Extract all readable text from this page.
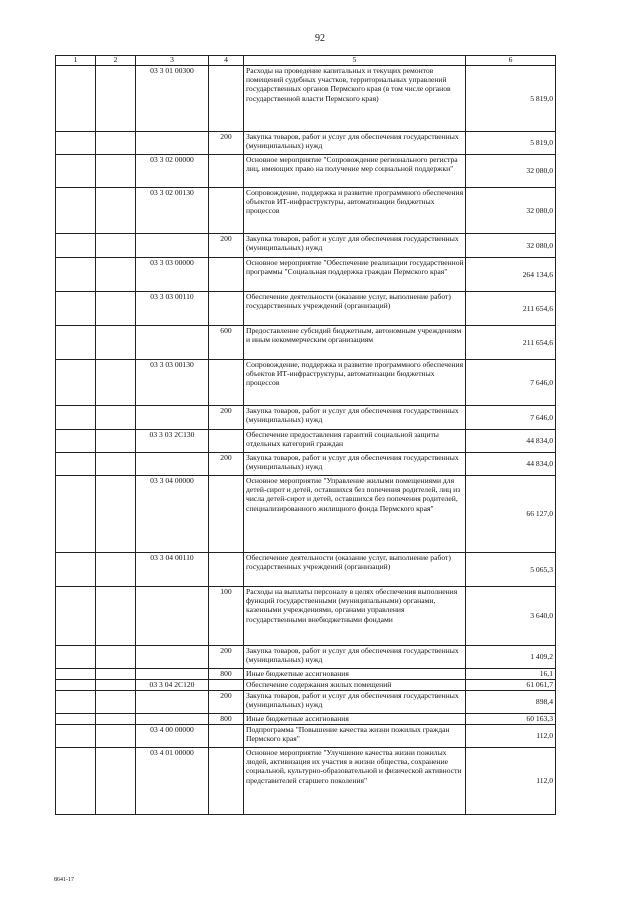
92
1	2	3	4	5	6
		03 3 01 00300		Расходы на проведение капитальных и текущих ремонтов помещений судебных участков, территориальных управлений государственных органов Пермского края (в том числе органов государственной власти Пермского края)	5 819,0
			200	Закупка товаров, работ и услуг для обеспечения государственных (муниципальных) нужд	5 819,0
		03 3 02 00000		Основное мероприятие "Сопровождение регионального регистра лиц, имеющих право на получение мер социальной поддержки"	32 080,0
		03 3 02 00130		Сопровождение, поддержка и развитие программного обеспечения объектов ИТ-инфраструктуры, автоматизации бюджетных процессов	32 080,0
			200	Закупка товаров, работ и услуг для обеспечения государственных (муниципальных) нужд	32 080,0
		03 3 03 00000		Основное мероприятие "Обеспечение реализации государственной программы "Социальная поддержка граждан Пермского края"	264 134,6
		03 3 03 00110		Обеспечение деятельности (оказание услуг, выполнение работ) государственных учреждений (организаций)	211 654,6
			600	Предоставление субсидий бюджетным, автономным учреждениям и иным некоммерческим организациям	211 654,6
		03 3 03 00130		Сопровождение, поддержка и развитие программного обеспечения объектов ИТ-инфраструктуры, автоматизации бюджетных процессов	7 646,0
			200	Закупка товаров, работ и услуг для обеспечения государственных (муниципальных) нужд	7 646,0
		03 3 03 2С130		Обеспечение предоставления гарантий социальной защиты отдельных категорий граждан	44 834,0
			200	Закупка товаров, работ и услуг для обеспечения государственных (муниципальных) нужд	44 834,0
		03 3 04 00000		Основное мероприятие "Управление жилыми помещениями для детей-сирот и детей, оставшихся без попечения родителей, лиц из числа детей-сирот и детей, оставшихся без попечения родителей, специализированного жилищного фонда Пермского края"	66 127,0
		03 3 04 00110		Обеспечение деятельности (оказание услуг, выполнение работ) государственных учреждений (организаций)	5 065,3
			100	Расходы на выплаты персоналу в целях обеспечения выполнения функций государственными (муниципальными) органами, казенными учреждениями, органами управления государственными внебюджетными фондами	3 640,0
			200	Закупка товаров, работ и услуг для обеспечения государственных (муниципальных) нужд	1 409,2
			800	Иные бюджетные ассигнования	16,1
		03 3 04 2С120		Обеспечение содержания жилых помещений	61 061,7
			200	Закупка товаров, работ и услуг для обеспечения государственных (муниципальных) нужд	898,4
			800	Иные бюджетные ассигнования	60 163,3
		03 4 00 00000		Подпрограмма "Повышение качества жизни пожилых граждан Пермского края"	112,0
		03 4 01 00000		Основное мероприятие "Улучшение качества жизни пожилых людей, активизация их участия в жизни общества, сохранение социальной, культурно-образовательной и физической активности представителей старшего поколения"	112,0
8641-17
